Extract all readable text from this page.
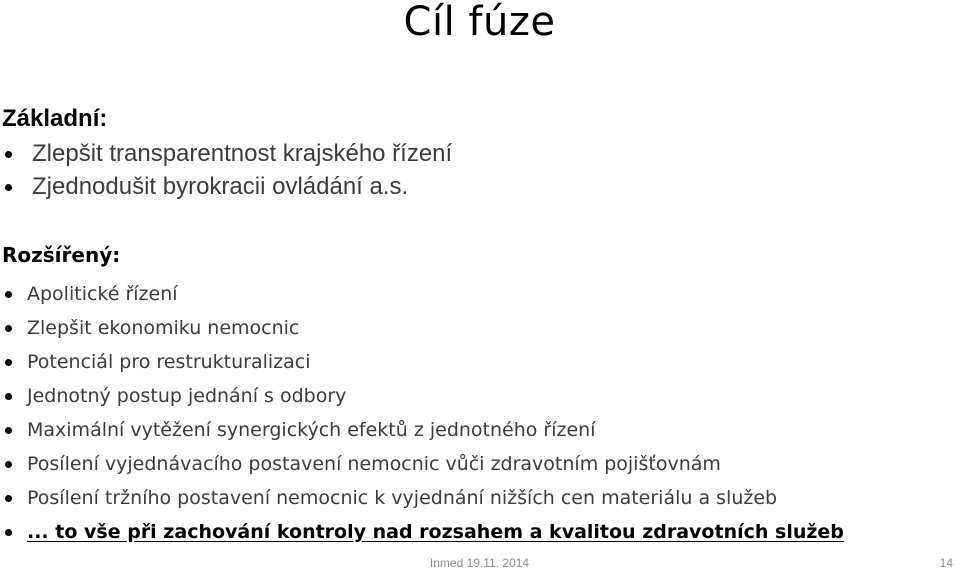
Cíl fúze
Základní:
Zlepšit transparentnost krajského řízení
Zjednodušit byrokracii ovládání a.s.
Rozšířený:
Apolitické řízení
Zlepšit ekonomiku nemocnic
Potenciál pro restrukturalizaci
Jednotný postup jednání s odbory
Maximální vytěžení synergických efektů z jednotného řízení
Posílení vyjednávacího postavení nemocnic vůči zdravotním pojišťovnám
Posílení tržního postavení nemocnic k vyjednání nižších cen materiálu a služeb
... to vše při zachování kontroly nad rozsahem a kvalitou zdravotních služeb
Inmed 19.11. 2014	14
